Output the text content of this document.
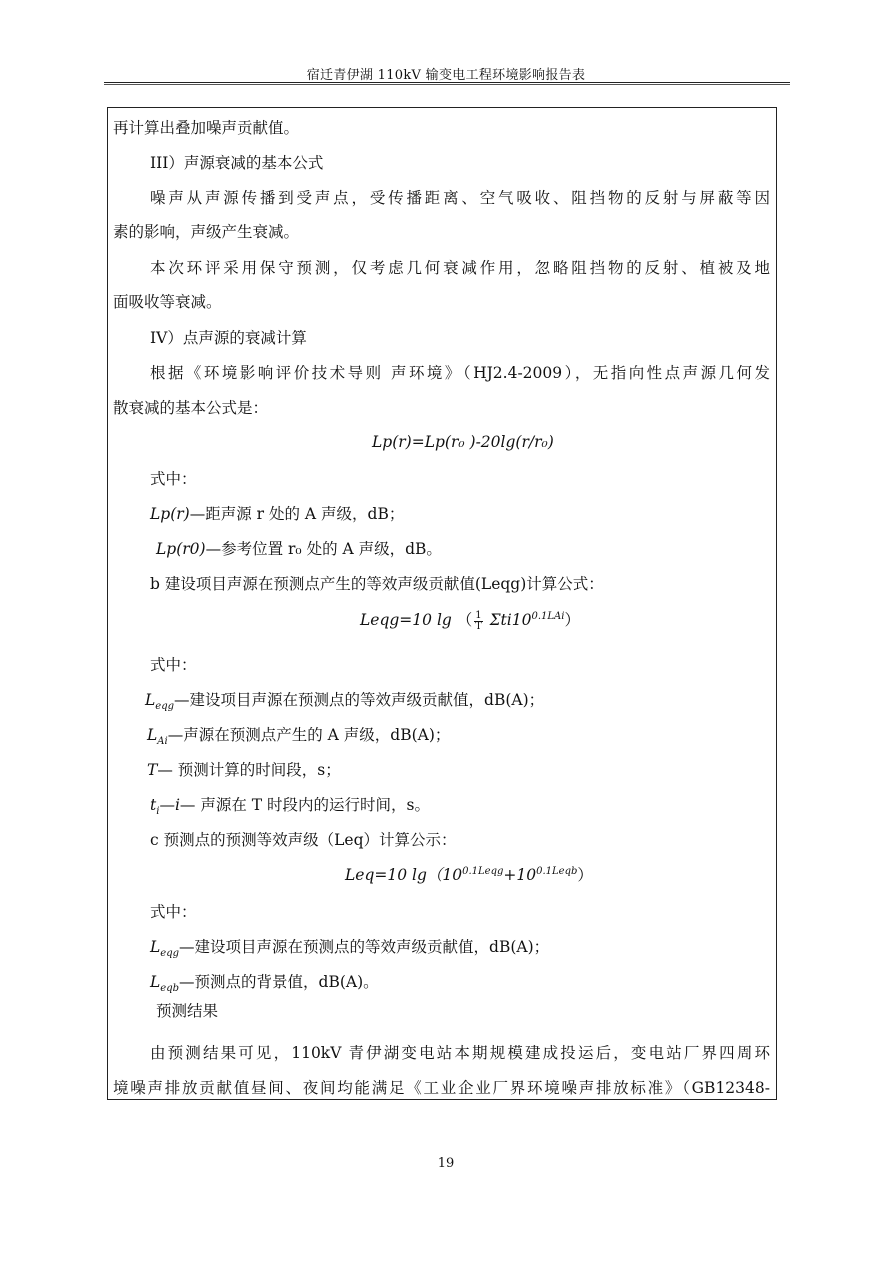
宿迁青伊湖 110kV 输变电工程环境影响报告表
再计算出叠加噪声贡献值。
III）声源衰减的基本公式
噪声从声源传播到受声点，受传播距离、空气吸收、阻挡物的反射与屏蔽等因
素的影响，声级产生衰减。
本次环评采用保守预测，仅考虑几何衰减作用，忽略阻挡物的反射、植被及地
面吸收等衰减。
IV）点声源的衰减计算
根据《环境影响评价技术导则 声环境》（HJ2.4-2009），无指向性点声源几何发
散衰减的基本公式是：
Lp(r)=Lp(r₀ )-20lg(r/r₀)
式中：
Lp(r)—距声源 r 处的 A 声级，dB；
Lp(r0)—参考位置 r₀ 处的 A 声级，dB。
b 建设项目声源在预测点产生的等效声级贡献值(Leqg)计算公式：
Leqg=10 lg （ $\frac{1}{T} \Sigma ti10^{0.1LAi}$）
式中：
$L_{eqg}—$建设项目声源在预测点的等效声级贡献值，dB(A)；
$L_{Ai}—$声源在预测点产生的 A 声级，dB(A)；
T— 预测计算的时间段，s；
$t_i—i—$ 声源在 T 时段内的运行时间，s。
c 预测点的预测等效声级（Leq）计算公示：
Leq=10 $\lg(10^{0.1Leqg}+10^{0.1Leqb})$
式中：
$L_{eqg}—$建设项目声源在预测点的等效声级贡献值，dB(A)；
$L_{eqb}—$预测点的背景值，dB(A)。
预测结果
由预测结果可见，110kV 青伊湖变电站本期规模建成投运后，变电站厂界四周环
境噪声排放贡献值昼间、夜间均能满足《工业企业厂界环境噪声排放标准》（GB12348-
19
